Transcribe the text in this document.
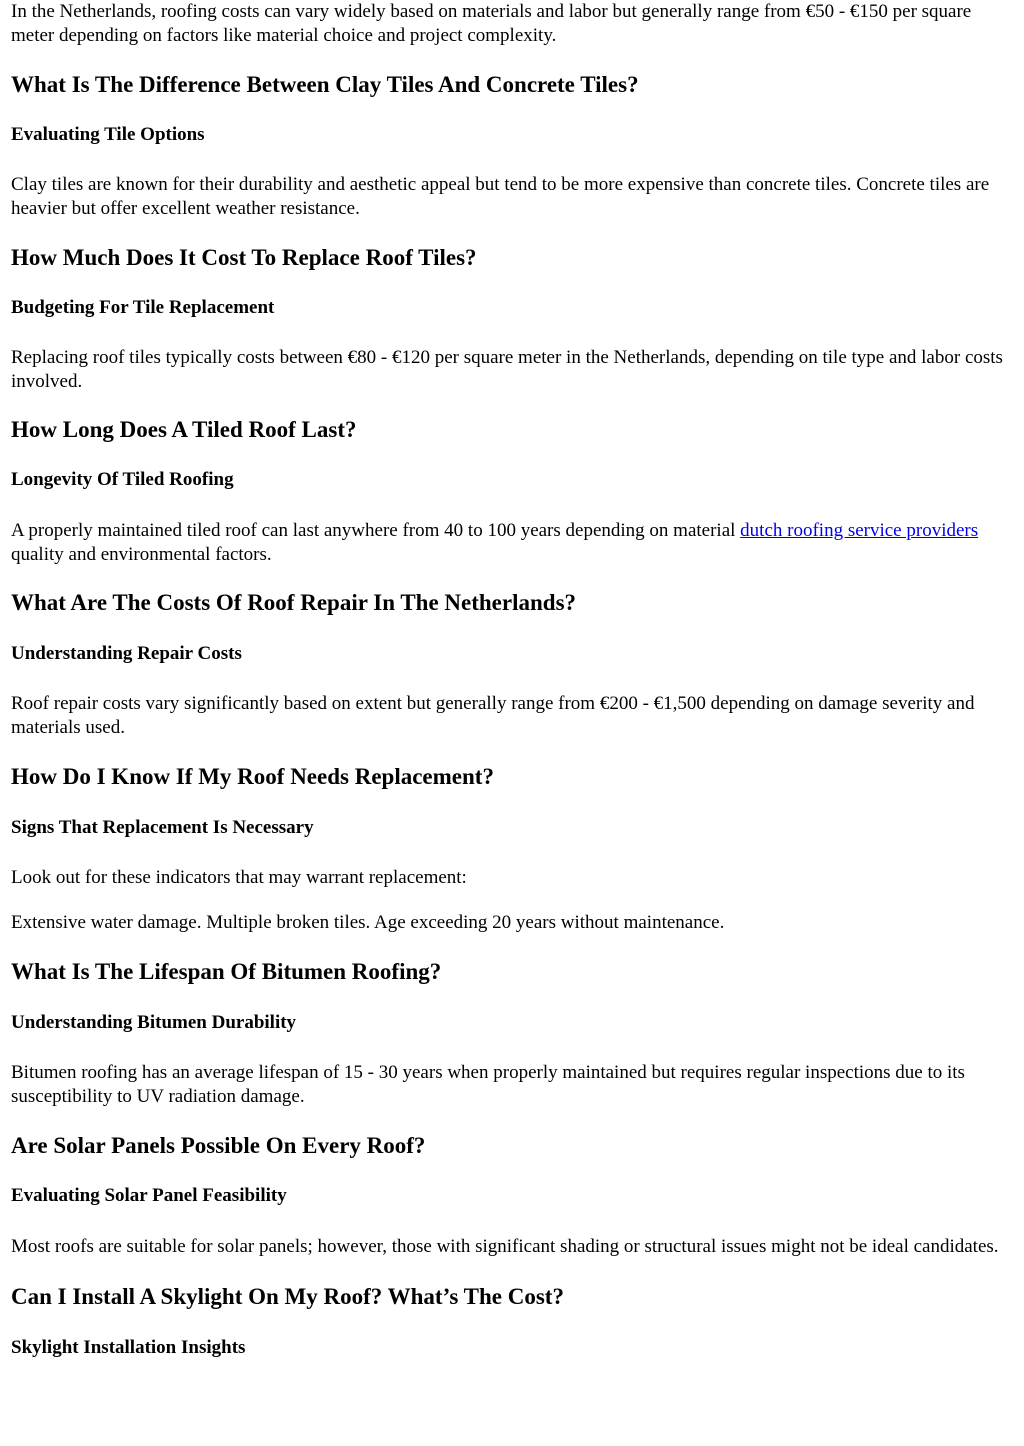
In the Netherlands, roofing costs can vary widely based on materials and labor but generally range from €50 - €150 per square meter depending on factors like material choice and project complexity.

What Is The Difference Between Clay Tiles And Concrete Tiles?
Evaluating Tile Options

Clay tiles are known for their durability and aesthetic appeal but tend to be more expensive than concrete tiles. Concrete tiles are heavier but offer excellent weather resistance.

How Much Does It Cost To Replace Roof Tiles?
Budgeting For Tile Replacement

Replacing roof tiles typically costs between €80 - €120 per square meter in the Netherlands, depending on tile type and labor costs involved.

How Long Does A Tiled Roof Last?
Longevity Of Tiled Roofing

A properly maintained tiled roof can last anywhere from 40 to 100 years depending on material dutch roofing service providers quality and environmental factors.

What Are The Costs Of Roof Repair In The Netherlands?
Understanding Repair Costs

Roof repair costs vary significantly based on extent but generally range from €200 - €1,500 depending on damage severity and materials used.

How Do I Know If My Roof Needs Replacement?
Signs That Replacement Is Necessary

Look out for these indicators that may warrant replacement:

Extensive water damage. Multiple broken tiles. Age exceeding 20 years without maintenance.

What Is The Lifespan Of Bitumen Roofing?
Understanding Bitumen Durability

Bitumen roofing has an average lifespan of 15 - 30 years when properly maintained but requires regular inspections due to its susceptibility to UV radiation damage.

Are Solar Panels Possible On Every Roof?
Evaluating Solar Panel Feasibility

Most roofs are suitable for solar panels; however, those with significant shading or structural issues might not be ideal candidates.

Can I Install A Skylight On My Roof? What’s The Cost?
Skylight Installation Insights
